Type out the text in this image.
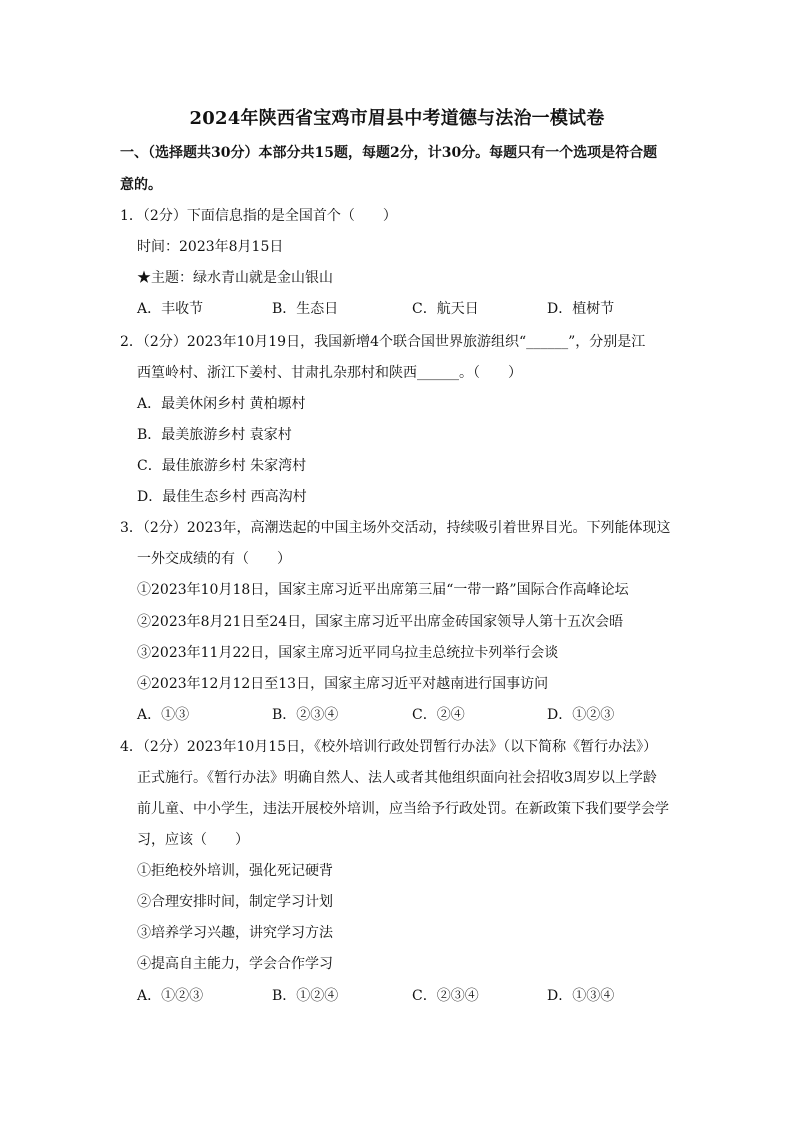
2024年陕西省宝鸡市眉县中考道德与法治一模试卷
一、（选择题共30分）本部分共15题，每题2分，计30分。每题只有一个选项是符合题
意的。
1．（2分）下面信息指的是全国首个（　　）
时间：2023年8月15日
★主题：绿水青山就是金山银山
A．丰收节	B．生态日	C．航天日	D．植树节
2．（2分）2023年10月19日，我国新增4个联合国世界旅游组织“______”，分别是江
西篁岭村、浙江下姜村、甘肃扎杂那村和陕西______。（　　）
A．最美休闲乡村 黄柏塬村
B．最美旅游乡村 袁家村
C．最佳旅游乡村 朱家湾村
D．最佳生态乡村 西高沟村
3．（2分）2023年，高潮迭起的中国主场外交活动，持续吸引着世界目光。下列能体现这
一外交成绩的有（　　）
①2023年10月18日，国家主席习近平出席第三届“一带一路”国际合作高峰论坛
②2023年8月21日至24日，国家主席习近平出席金砖国家领导人第十五次会晤
③2023年11月22日，国家主席习近平同乌拉圭总统拉卡列举行会谈
④2023年12月12日至13日，国家主席习近平对越南进行国事访问
A．①③	B．②③④	C．②④	D．①②③
4．（2分）2023年10月15日，《校外培训行政处罚暂行办法》（以下简称《暂行办法》）
正式施行。《暂行办法》明确自然人、法人或者其他组织面向社会招收3周岁以上学龄
前儿童、中小学生，违法开展校外培训，应当给予行政处罚。在新政策下我们要学会学
习，应该（　　）
①拒绝校外培训，强化死记硬背
②合理安排时间，制定学习计划
③培养学习兴趣，讲究学习方法
④提高自主能力，学会合作学习
A．①②③	B．①②④	C．②③④	D．①③④
